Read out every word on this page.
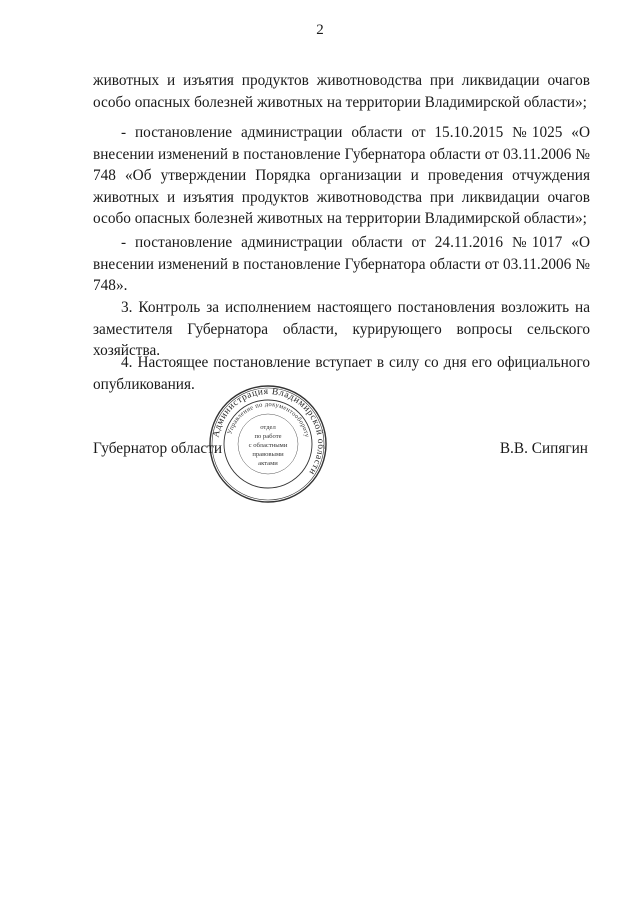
2

животных и изъятия продуктов животноводства при ликвидации очагов особо опасных болезней животных на территории Владимирской области»;

- постановление администрации области от 15.10.2015 №1025 «О внесении изменений в постановление Губернатора области от 03.11.2006 № 748 «Об утверждении Порядка организации и проведения отчуждения животных и изъятия продуктов животноводства при ликвидации очагов особо опасных болезней животных на территории Владимирской области»;

- постановление администрации области от 24.11.2016 №1017 «О внесении изменений в постановление Губернатора области от 03.11.2006 № 748».

3. Контроль за исполнением настоящего постановления возложить на заместителя Губернатора области, курирующего вопросы сельского хозяйства.

4. Настоящее постановление вступает в силу со дня его официального опубликования.

Администрация Владимирской области
Управление по документообороту
отдел
по работе
с областными
правовыми
актами
Губернатор области	В.В. Сипягин
